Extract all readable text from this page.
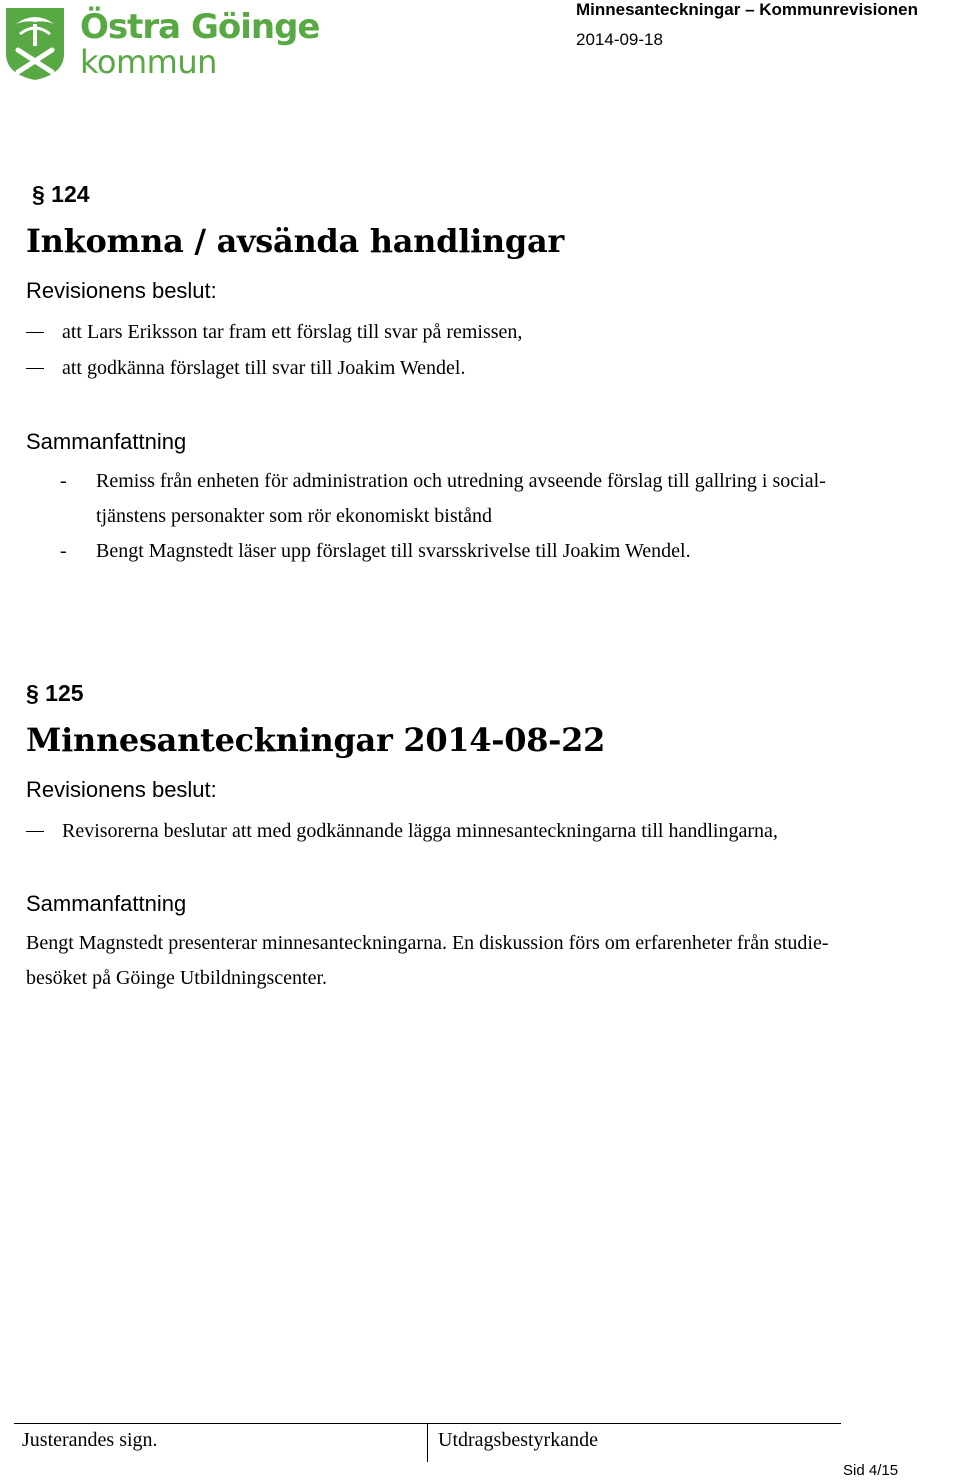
Östra Göinge
kommun
Minnesanteckningar – Kommunrevisionen
2014-09-18
§ 124
Inkomna / avsända handlingar
Revisionens beslut:
att Lars Eriksson tar fram ett förslag till svar på remissen,
att godkänna förslaget till svar till Joakim Wendel.
Sammanfattning
- Remiss från enheten för administration och utredning avseende förslag till gallring i social-
tjänstens personakter som rör ekonomiskt bistånd
- Bengt Magnstedt läser upp förslaget till svarsskrivelse till Joakim Wendel.
§ 125
Minnesanteckningar 2014-08-22
Revisionens beslut:
Revisorerna beslutar att med godkännande lägga minnesanteckningarna till handlingarna,
Sammanfattning
Bengt Magnstedt presenterar minnesanteckningarna. En diskussion förs om erfarenheter från studie-
besöket på Göinge Utbildningscenter.
Justerandes sign.	Utdragsbestyrkande
Sid 4/15
